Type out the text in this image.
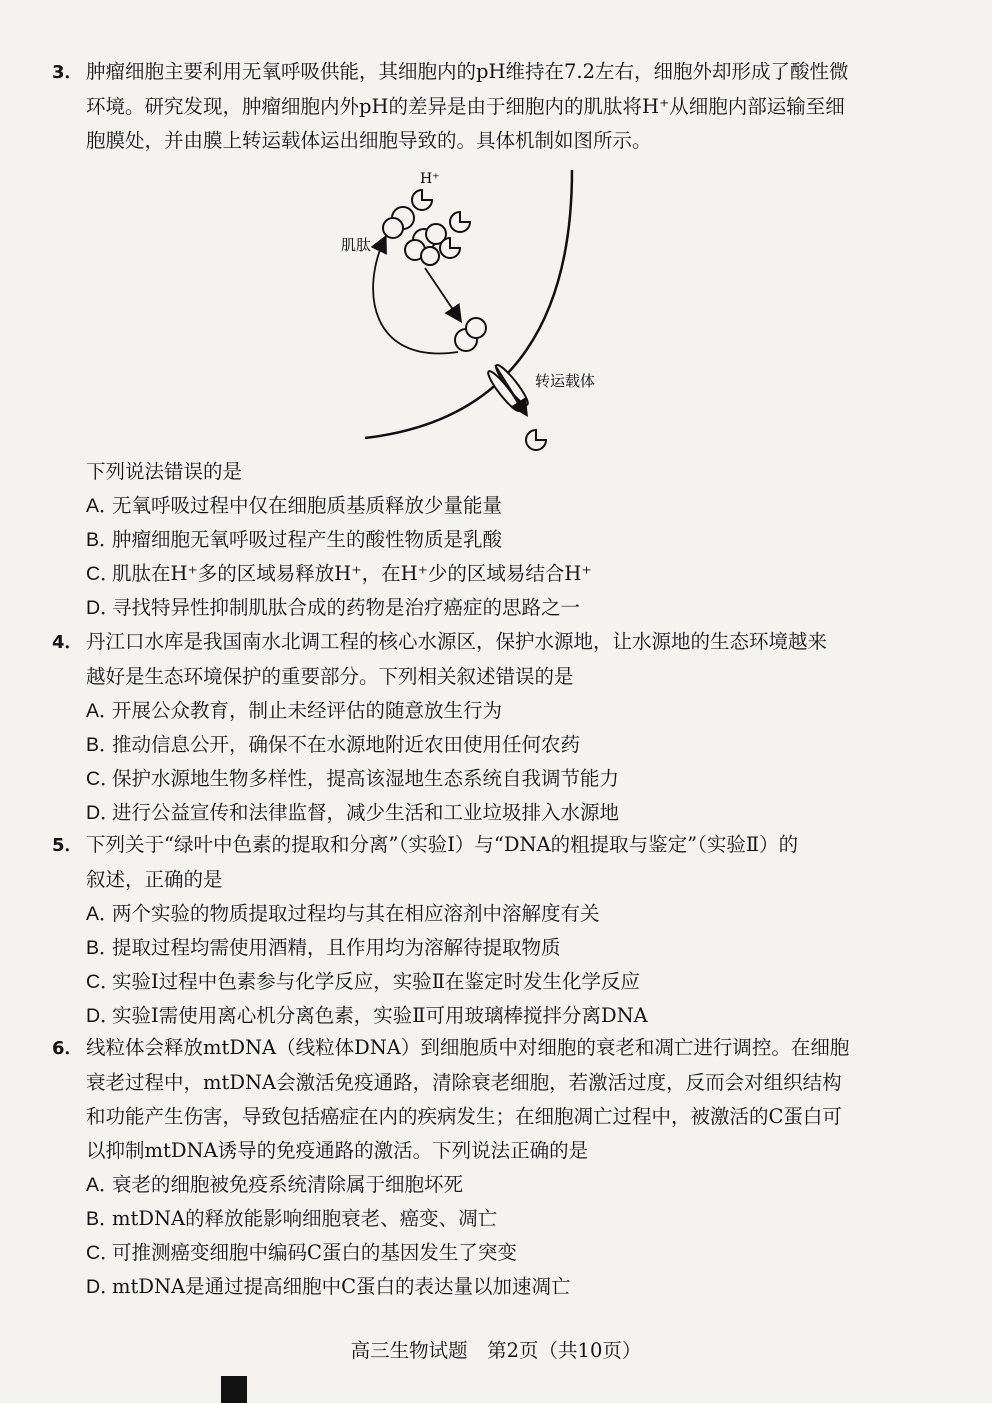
3． 肿瘤细胞主要利用无氧呼吸供能，其细胞内的pH维持在7.2左右，细胞外却形成了酸性微
环境。研究发现，肿瘤细胞内外pH的差异是由于细胞内的肌肽将H⁺从细胞内部运输至细
胞膜处，并由膜上转运载体运出细胞导致的。具体机制如图所示。
H⁺
肌肽
转运载体
下列说法错误的是
A．无氧呼吸过程中仅在细胞质基质释放少量能量
B．肿瘤细胞无氧呼吸过程产生的酸性物质是乳酸
C．肌肽在H⁺多的区域易释放H⁺，在H⁺少的区域易结合H⁺
D．寻找特异性抑制肌肽合成的药物是治疗癌症的思路之一
4． 丹江口水库是我国南水北调工程的核心水源区，保护水源地，让水源地的生态环境越来
越好是生态环境保护的重要部分。下列相关叙述错误的是
A．开展公众教育，制止未经评估的随意放生行为
B．推动信息公开，确保不在水源地附近农田使用任何农药
C．保护水源地生物多样性，提高该湿地生态系统自我调节能力
D．进行公益宣传和法律监督，减少生活和工业垃圾排入水源地
5． 下列关于“绿叶中色素的提取和分离”（实验Ⅰ）与“DNA的粗提取与鉴定”（实验Ⅱ）的
叙述，正确的是
A．两个实验的物质提取过程均与其在相应溶剂中溶解度有关
B．提取过程均需使用酒精，且作用均为溶解待提取物质
C．实验Ⅰ过程中色素参与化学反应，实验Ⅱ在鉴定时发生化学反应
D．实验Ⅰ需使用离心机分离色素，实验Ⅱ可用玻璃棒搅拌分离DNA
6． 线粒体会释放mtDNA（线粒体DNA）到细胞质中对细胞的衰老和凋亡进行调控。在细胞
衰老过程中，mtDNA会激活免疫通路，清除衰老细胞，若激活过度，反而会对组织结构
和功能产生伤害，导致包括癌症在内的疾病发生；在细胞凋亡过程中，被激活的C蛋白可
以抑制mtDNA诱导的免疫通路的激活。下列说法正确的是
A．衰老的细胞被免疫系统清除属于细胞坏死
B．mtDNA的释放能影响细胞衰老、癌变、凋亡
C．可推测癌变细胞中编码C蛋白的基因发生了突变
D．mtDNA是通过提高细胞中C蛋白的表达量以加速凋亡
高三生物试题　第2页（共10页）
